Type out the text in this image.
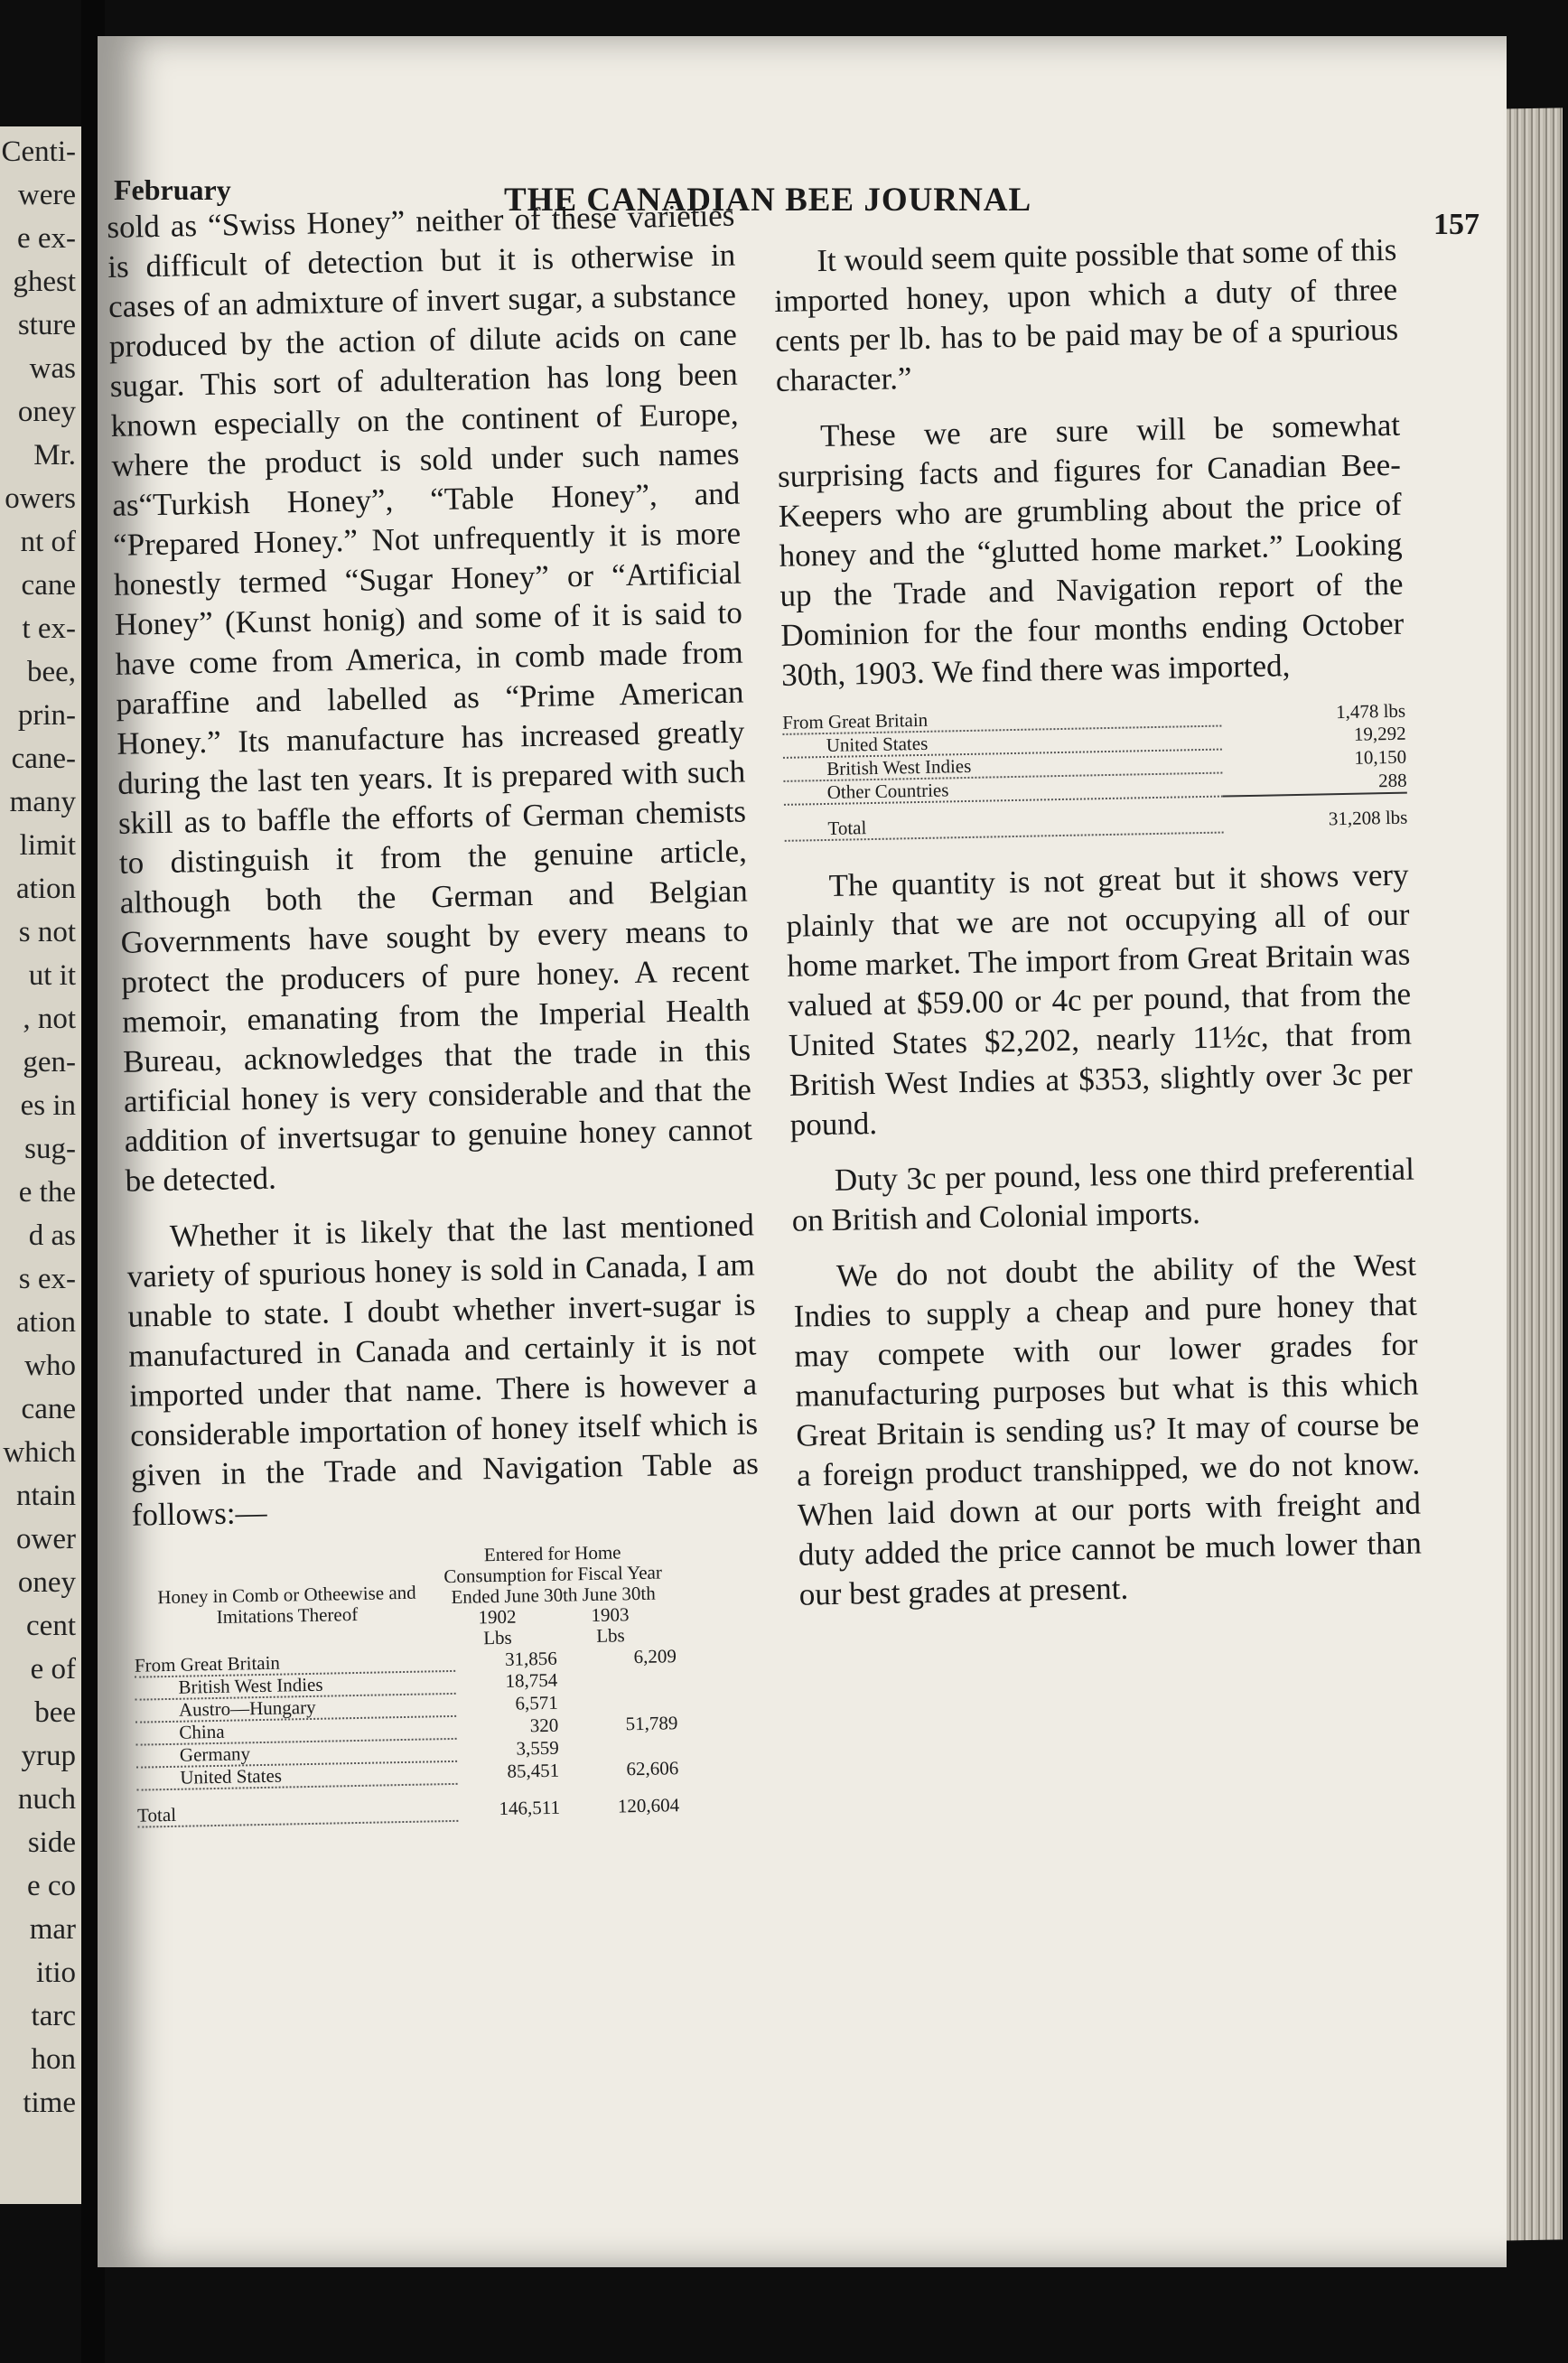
Centi-
were
e ex-
ghest
sture
was
oney
Mr.
owers
nt of
cane
t ex-
bee,
prin-
cane-
many
limit
ation
s not
ut it
, not
gen-
es in
sug-
e the
d as
s ex-
ation
who
cane
which
ntain
ower
oney
cent
e of
bee
yrup
nuch
side
e co
mar
itio
tarc
hon
time
February	THE CANADIAN BEE JOURNAL
157

sold as “Swiss Honey” neither of these varieties is difficult of detection but it is otherwise in cases of an admixture of invert sugar, a substance produced by the action of dilute acids on cane sugar. This sort of adulteration has long been known especially on the continent of Europe, where the product is sold under such names as“Turkish Honey”, “Table Honey”, and “Prepared Honey.” Not unfrequently it is more honestly termed “Sugar Honey” or “Artificial Honey” (Kunst honig) and some of it is said to have come from America, in comb made from paraffine and labelled as “Prime American Honey.” Its manufacture has increased greatly during the last ten years. It is prepared with such skill as to baffle the efforts of German chemists to distinguish it from the genuine article, although both the German and Belgian Governments have sought by every means to protect the producers of pure honey. A recent memoir, emanating from the Imperial Health Bureau, acknowledges that the trade in this artificial honey is very considerable and that the addition of invertsugar to genuine honey cannot be detected.

Whether it is likely that the last mentioned variety of spurious honey is sold in Canada, I am unable to state. I doubt whether invert-sugar is manufactured in Canada and certainly it is not imported under that name. There is however a considerable importation of honey itself which is given in the Trade and Navigation Table as follows:—

Honey in Comb or Otheewise and Imitations Thereof
Entered for Home Consumption for Fiscal Year Ended June 30th June 30th
1902	1903
Lbs	Lbs
From Great Britain	31,856	6,209
British West Indies	18,754	
Austro—Hungary	6,571	
China	320	51,789
Germany	3,559	
United States	85,451	62,606
Total	146,511	120,604

It would seem quite possible that some of this imported honey, upon which a duty of three cents per lb. has to be paid may be of a spurious character.”

These we are sure will be somewhat surprising facts and figures for Canadian Bee-Keepers who are grumbling about the price of honey and the “glutted home market.” Looking up the Trade and Navigation report of the Dominion for the four months ending October 30th, 1903. We find there was imported,

From Great Britain	1,478 lbs
United States	19,292
British West Indies	10,150
Other Countries	288
Total	31,208 lbs

The quantity is not great but it shows very plainly that we are not occupying all of our home market. The import from Great Britain was valued at $59.00 or 4c per pound, that from the United States $2,202, nearly 11½c, that from British West Indies at $353, slightly over 3c per pound.

Duty 3c per pound, less one third preferential on British and Colonial imports.

We do not doubt the ability of the West Indies to supply a cheap and pure honey that may compete with our lower grades for manufacturing purposes but what is this which Great Britain is sending us? It may of course be a foreign product transhipped, we do not know. When laid down at our ports with freight and duty added the price cannot be much lower than our best grades at present.
